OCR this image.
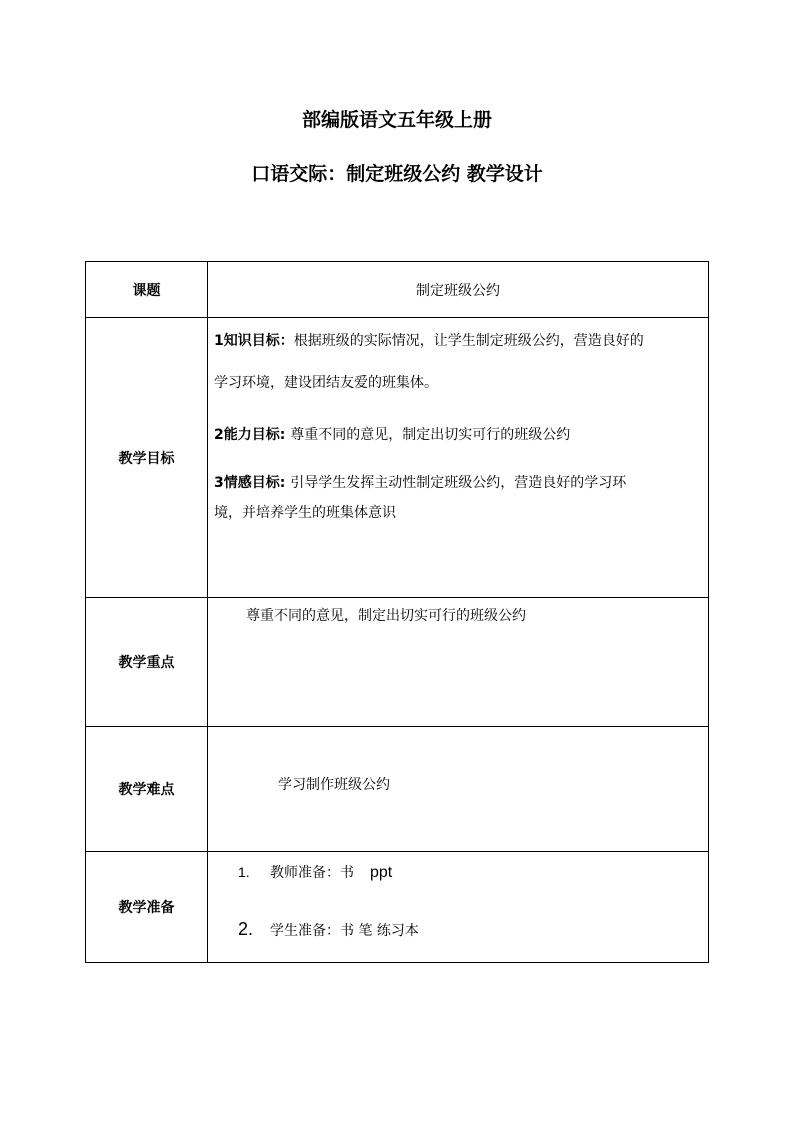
部编版语文五年级上册
口语交际：制定班级公约 教学设计
课题	制定班级公约
教学目标	1知识目标：根据班级的实际情况，让学生制定班级公约，营造良好的
学习环境，建设团结友爱的班集体。
2能力目标: 尊重不同的意见，制定出切实可行的班级公约
3情感目标: 引导学生发挥主动性制定班级公约，营造良好的学习环
境，并培养学生的班集体意识

教学重点	尊重不同的意见，制定出切实可行的班级公约

教学难点	学习制作班级公约

教学准备	1. 教师准备：书 ppt
2. 学生准备：书 笔 练习本
